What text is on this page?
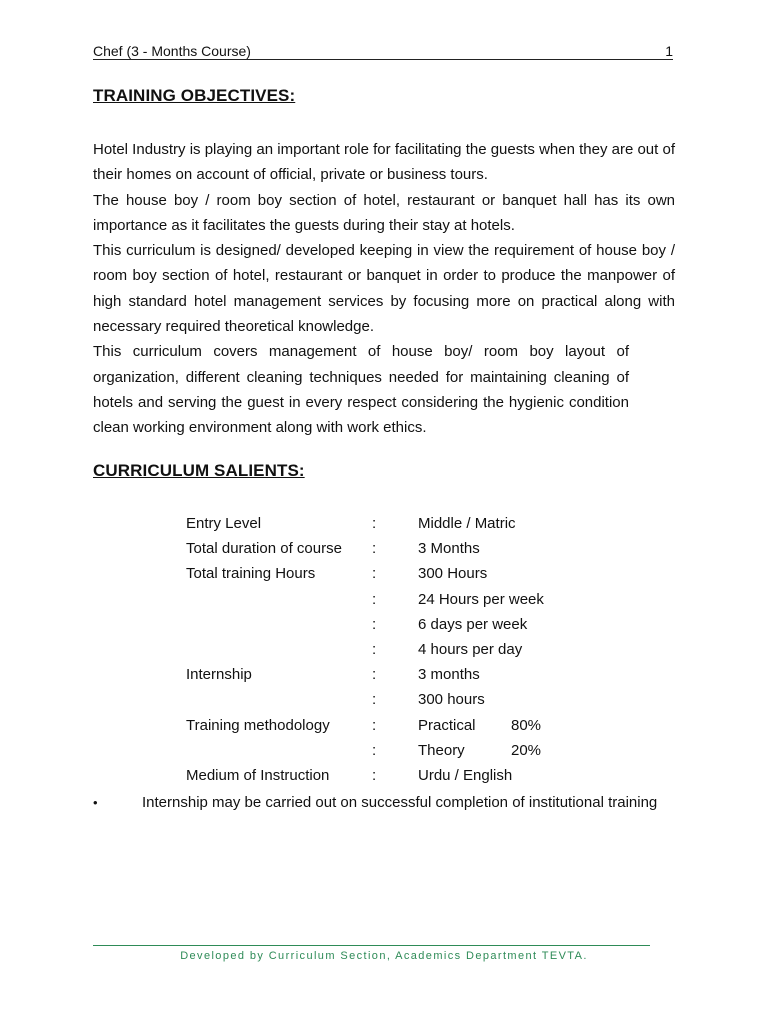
Chef (3 - Months Course)	1
TRAINING OBJECTIVES:

Hotel Industry is playing an important role for facilitating the guests when they are out of their homes on account of official, private or business tours.

The house boy / room boy section of hotel, restaurant or banquet hall has its own importance as it facilitates the guests during their stay at hotels.

This curriculum is designed/ developed keeping in view the requirement of house boy / room boy section of hotel, restaurant or banquet in order to produce the manpower of high standard hotel management services by focusing more on practical along with necessary required theoretical knowledge.

This curriculum covers management of house boy/ room boy layout of organization, different cleaning techniques needed for maintaining cleaning of hotels and serving the guest in every respect considering the hygienic condition clean working environment along with work ethics.

CURRICULUM SALIENTS:
Entry Level	:	Middle / Matric
Total duration of course :	3 Months
Total training Hours	:	300 Hours
:	24 Hours per week
:	6 days per week
:	4 hours per day
Internship	:	3 months
:	300 hours
Training methodology	:	Practical 80%
:	Theory	20%
Medium of Instruction	:	Urdu / English
•	Internship may be carried out on successful completion of institutional training
Developed by Curriculum Section, Academics Department TEVTA.
